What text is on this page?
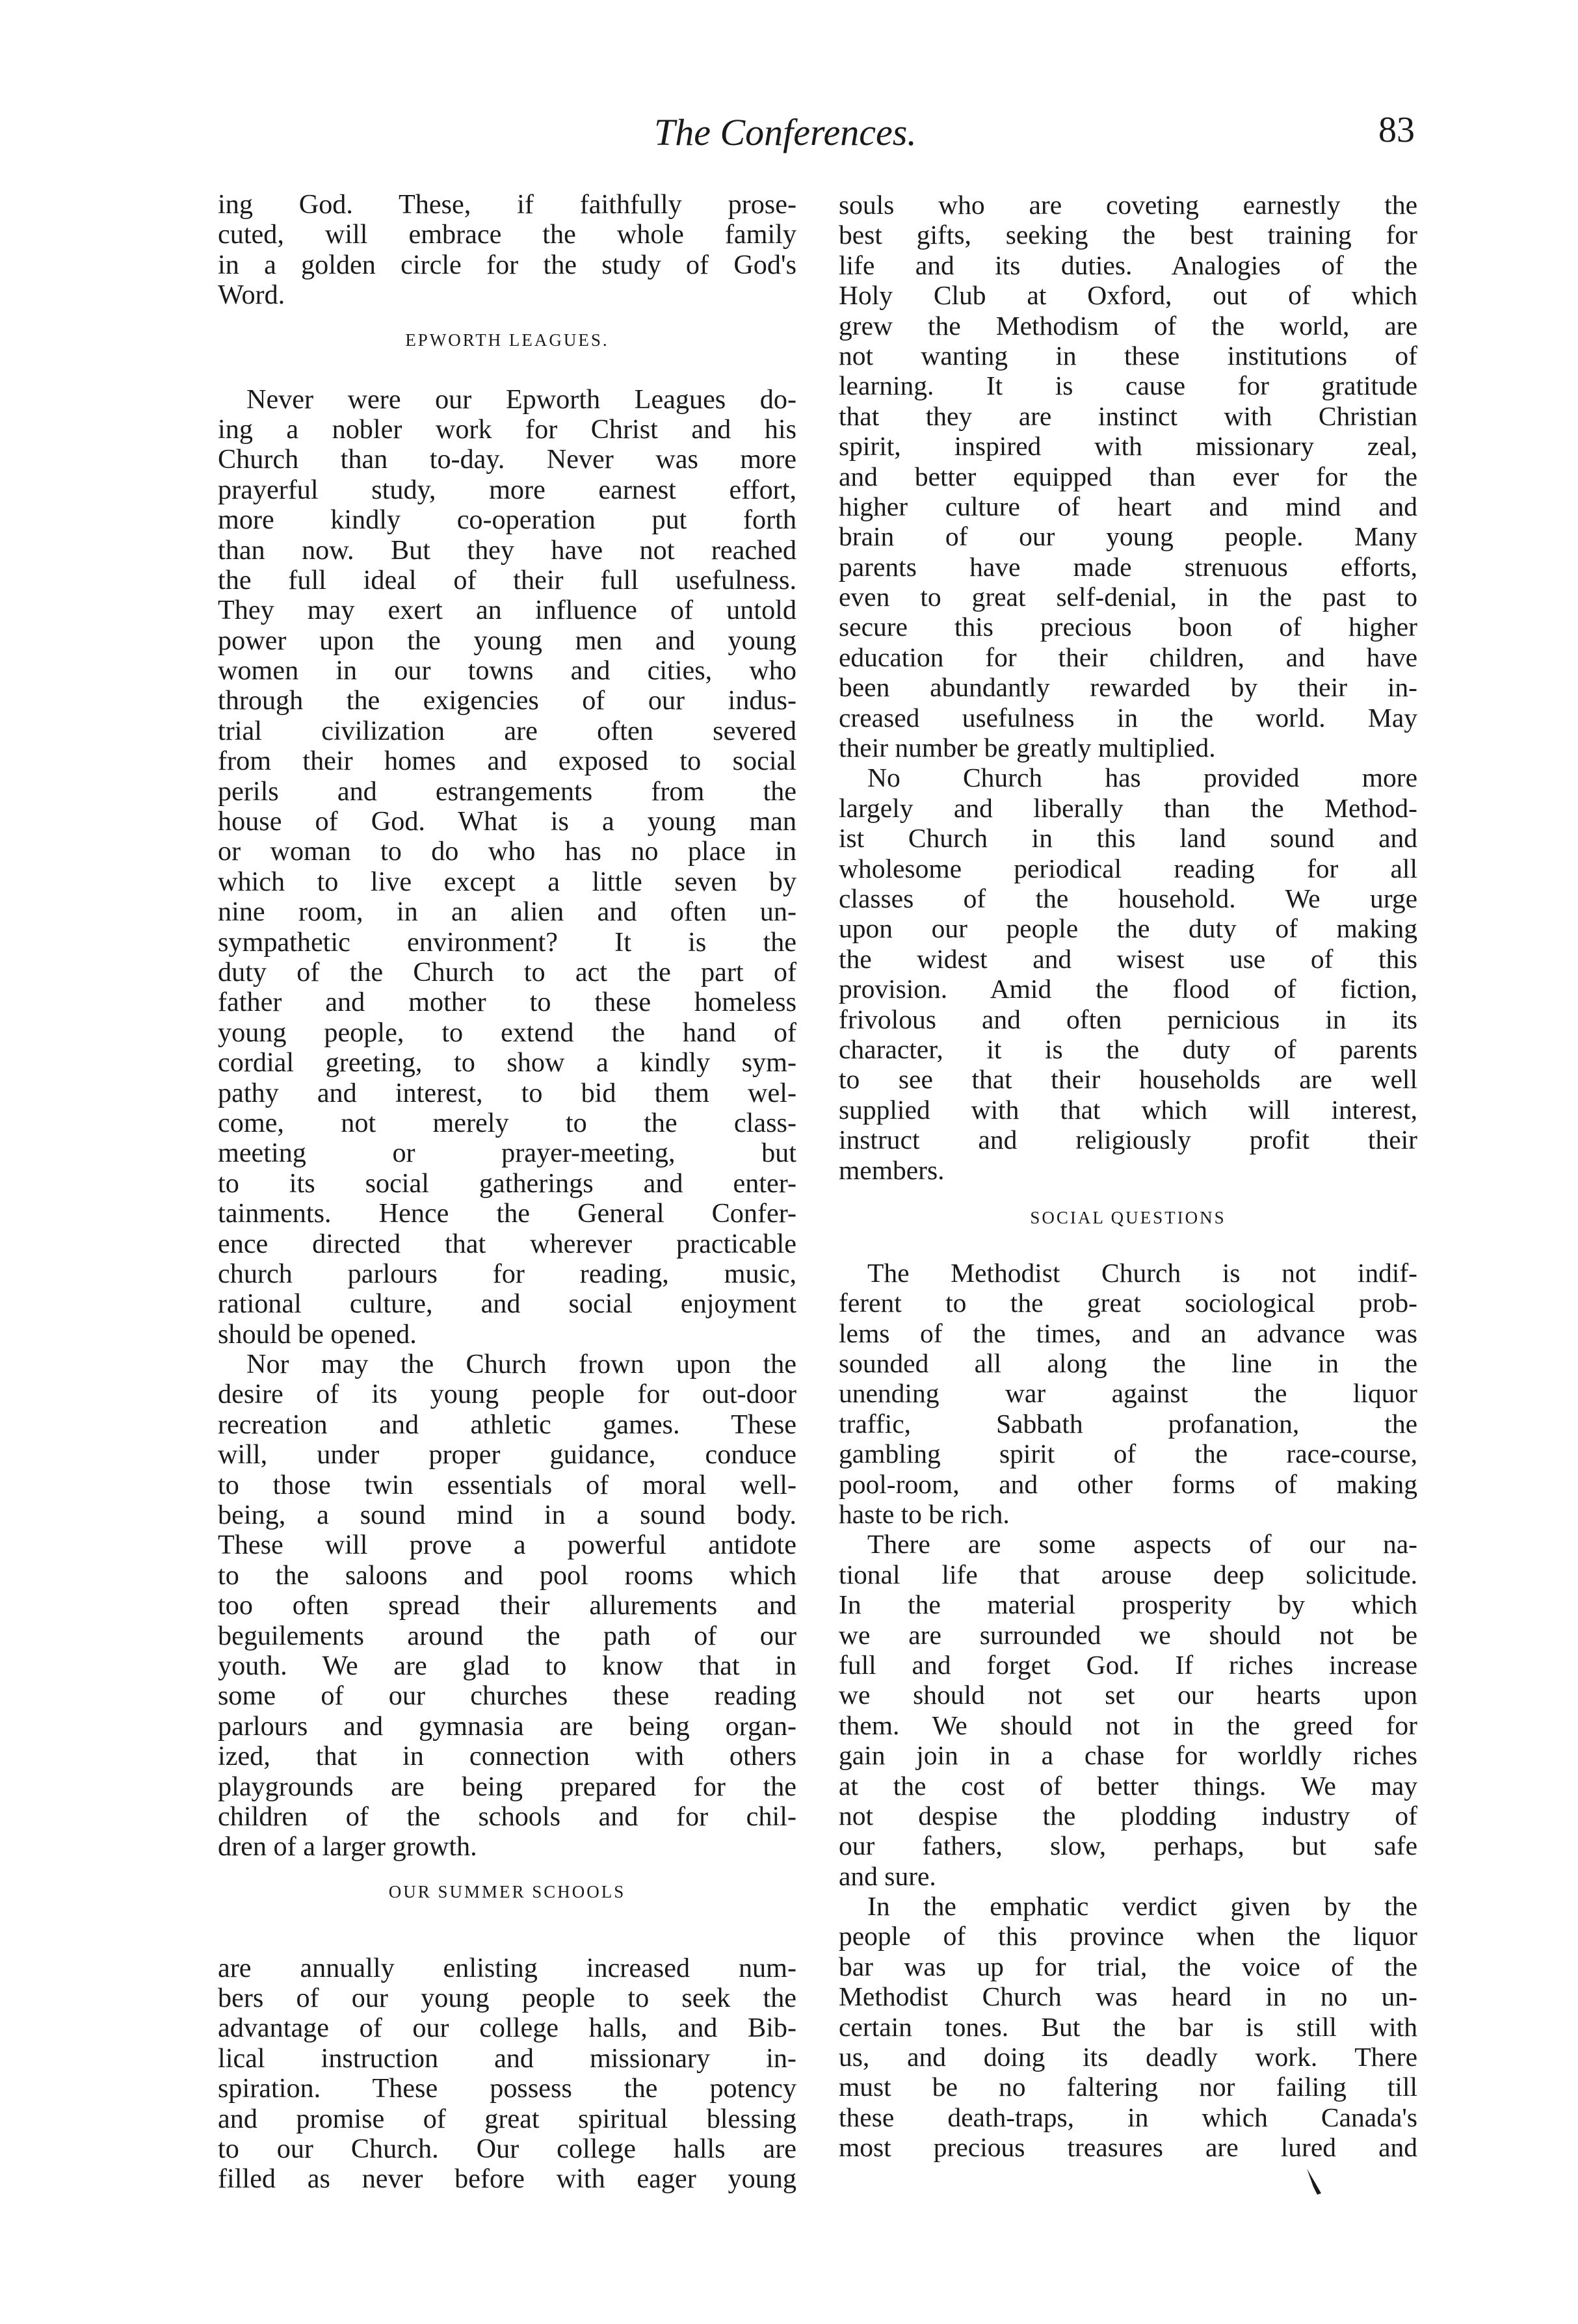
The Conferences.	83
ing God. These, if faithfully prose-
cuted, will embrace the whole family
in a golden circle for the study of God's
Word.
EPWORTH LEAGUES.
Never were our Epworth Leagues do-
ing a nobler work for Christ and his
Church than to-day. Never was more
prayerful study, more earnest effort,
more kindly co-operation put forth
than now. But they have not reached
the full ideal of their full usefulness.
They may exert an influence of untold
power upon the young men and young
women in our towns and cities, who
through the exigencies of our indus-
trial civilization are often severed
from their homes and exposed to social
perils and estrangements from the
house of God. What is a young man
or woman to do who has no place in
which to live except a little seven by
nine room, in an alien and often un-
sympathetic environment? It is the
duty of the Church to act the part of
father and mother to these homeless
young people, to extend the hand of
cordial greeting, to show a kindly sym-
pathy and interest, to bid them wel-
come, not merely to the class-
meeting or prayer-meeting, but
to its social gatherings and enter-
tainments. Hence the General Confer-
ence directed that wherever practicable
church parlours for reading, music,
rational culture, and social enjoyment
should be opened.
Nor may the Church frown upon the
desire of its young people for out-door
recreation and athletic games. These
will, under proper guidance, conduce
to those twin essentials of moral well-
being, a sound mind in a sound body.
These will prove a powerful antidote
to the saloons and pool rooms which
too often spread their allurements and
beguilements around the path of our
youth. We are glad to know that in
some of our churches these reading
parlours and gymnasia are being organ-
ized, that in connection with others
playgrounds are being prepared for the
children of the schools and for chil-
dren of a larger growth.
OUR SUMMER SCHOOLS
are annually enlisting increased num-
bers of our young people to seek the
advantage of our college halls, and Bib-
lical instruction and missionary in-
spiration. These possess the potency
and promise of great spiritual blessing
to our Church. Our college halls are
filled as never before with eager young
souls who are coveting earnestly the
best gifts, seeking the best training for
life and its duties. Analogies of the
Holy Club at Oxford, out of which
grew the Methodism of the world, are
not wanting in these institutions of
learning. It is cause for gratitude
that they are instinct with Christian
spirit, inspired with missionary zeal,
and better equipped than ever for the
higher culture of heart and mind and
brain of our young people. Many
parents have made strenuous efforts,
even to great self-denial, in the past to
secure this precious boon of higher
education for their children, and have
been abundantly rewarded by their in-
creased usefulness in the world. May
their number be greatly multiplied.
No Church has provided more
largely and liberally than the Method-
ist Church in this land sound and
wholesome periodical reading for all
classes of the household. We urge
upon our people the duty of making
the widest and wisest use of this
provision. Amid the flood of fiction,
frivolous and often pernicious in its
character, it is the duty of parents
to see that their households are well
supplied with that which will interest,
instruct and religiously profit their
members.
SOCIAL QUESTIONS
The Methodist Church is not indif-
ferent to the great sociological prob-
lems of the times, and an advance was
sounded all along the line in the
unending war against the liquor
traffic, Sabbath profanation, the
gambling spirit of the race-course,
pool-room, and other forms of making
haste to be rich.
There are some aspects of our na-
tional life that arouse deep solicitude.
In the material prosperity by which
we are surrounded we should not be
full and forget God. If riches increase
we should not set our hearts upon
them. We should not in the greed for
gain join in a chase for worldly riches
at the cost of better things. We may
not despise the plodding industry of
our fathers, slow, perhaps, but safe
and sure.
In the emphatic verdict given by the
people of this province when the liquor
bar was up for trial, the voice of the
Methodist Church was heard in no un-
certain tones. But the bar is still with
us, and doing its deadly work. There
must be no faltering nor failing till
these death-traps, in which Canada's
most precious treasures are lured and
